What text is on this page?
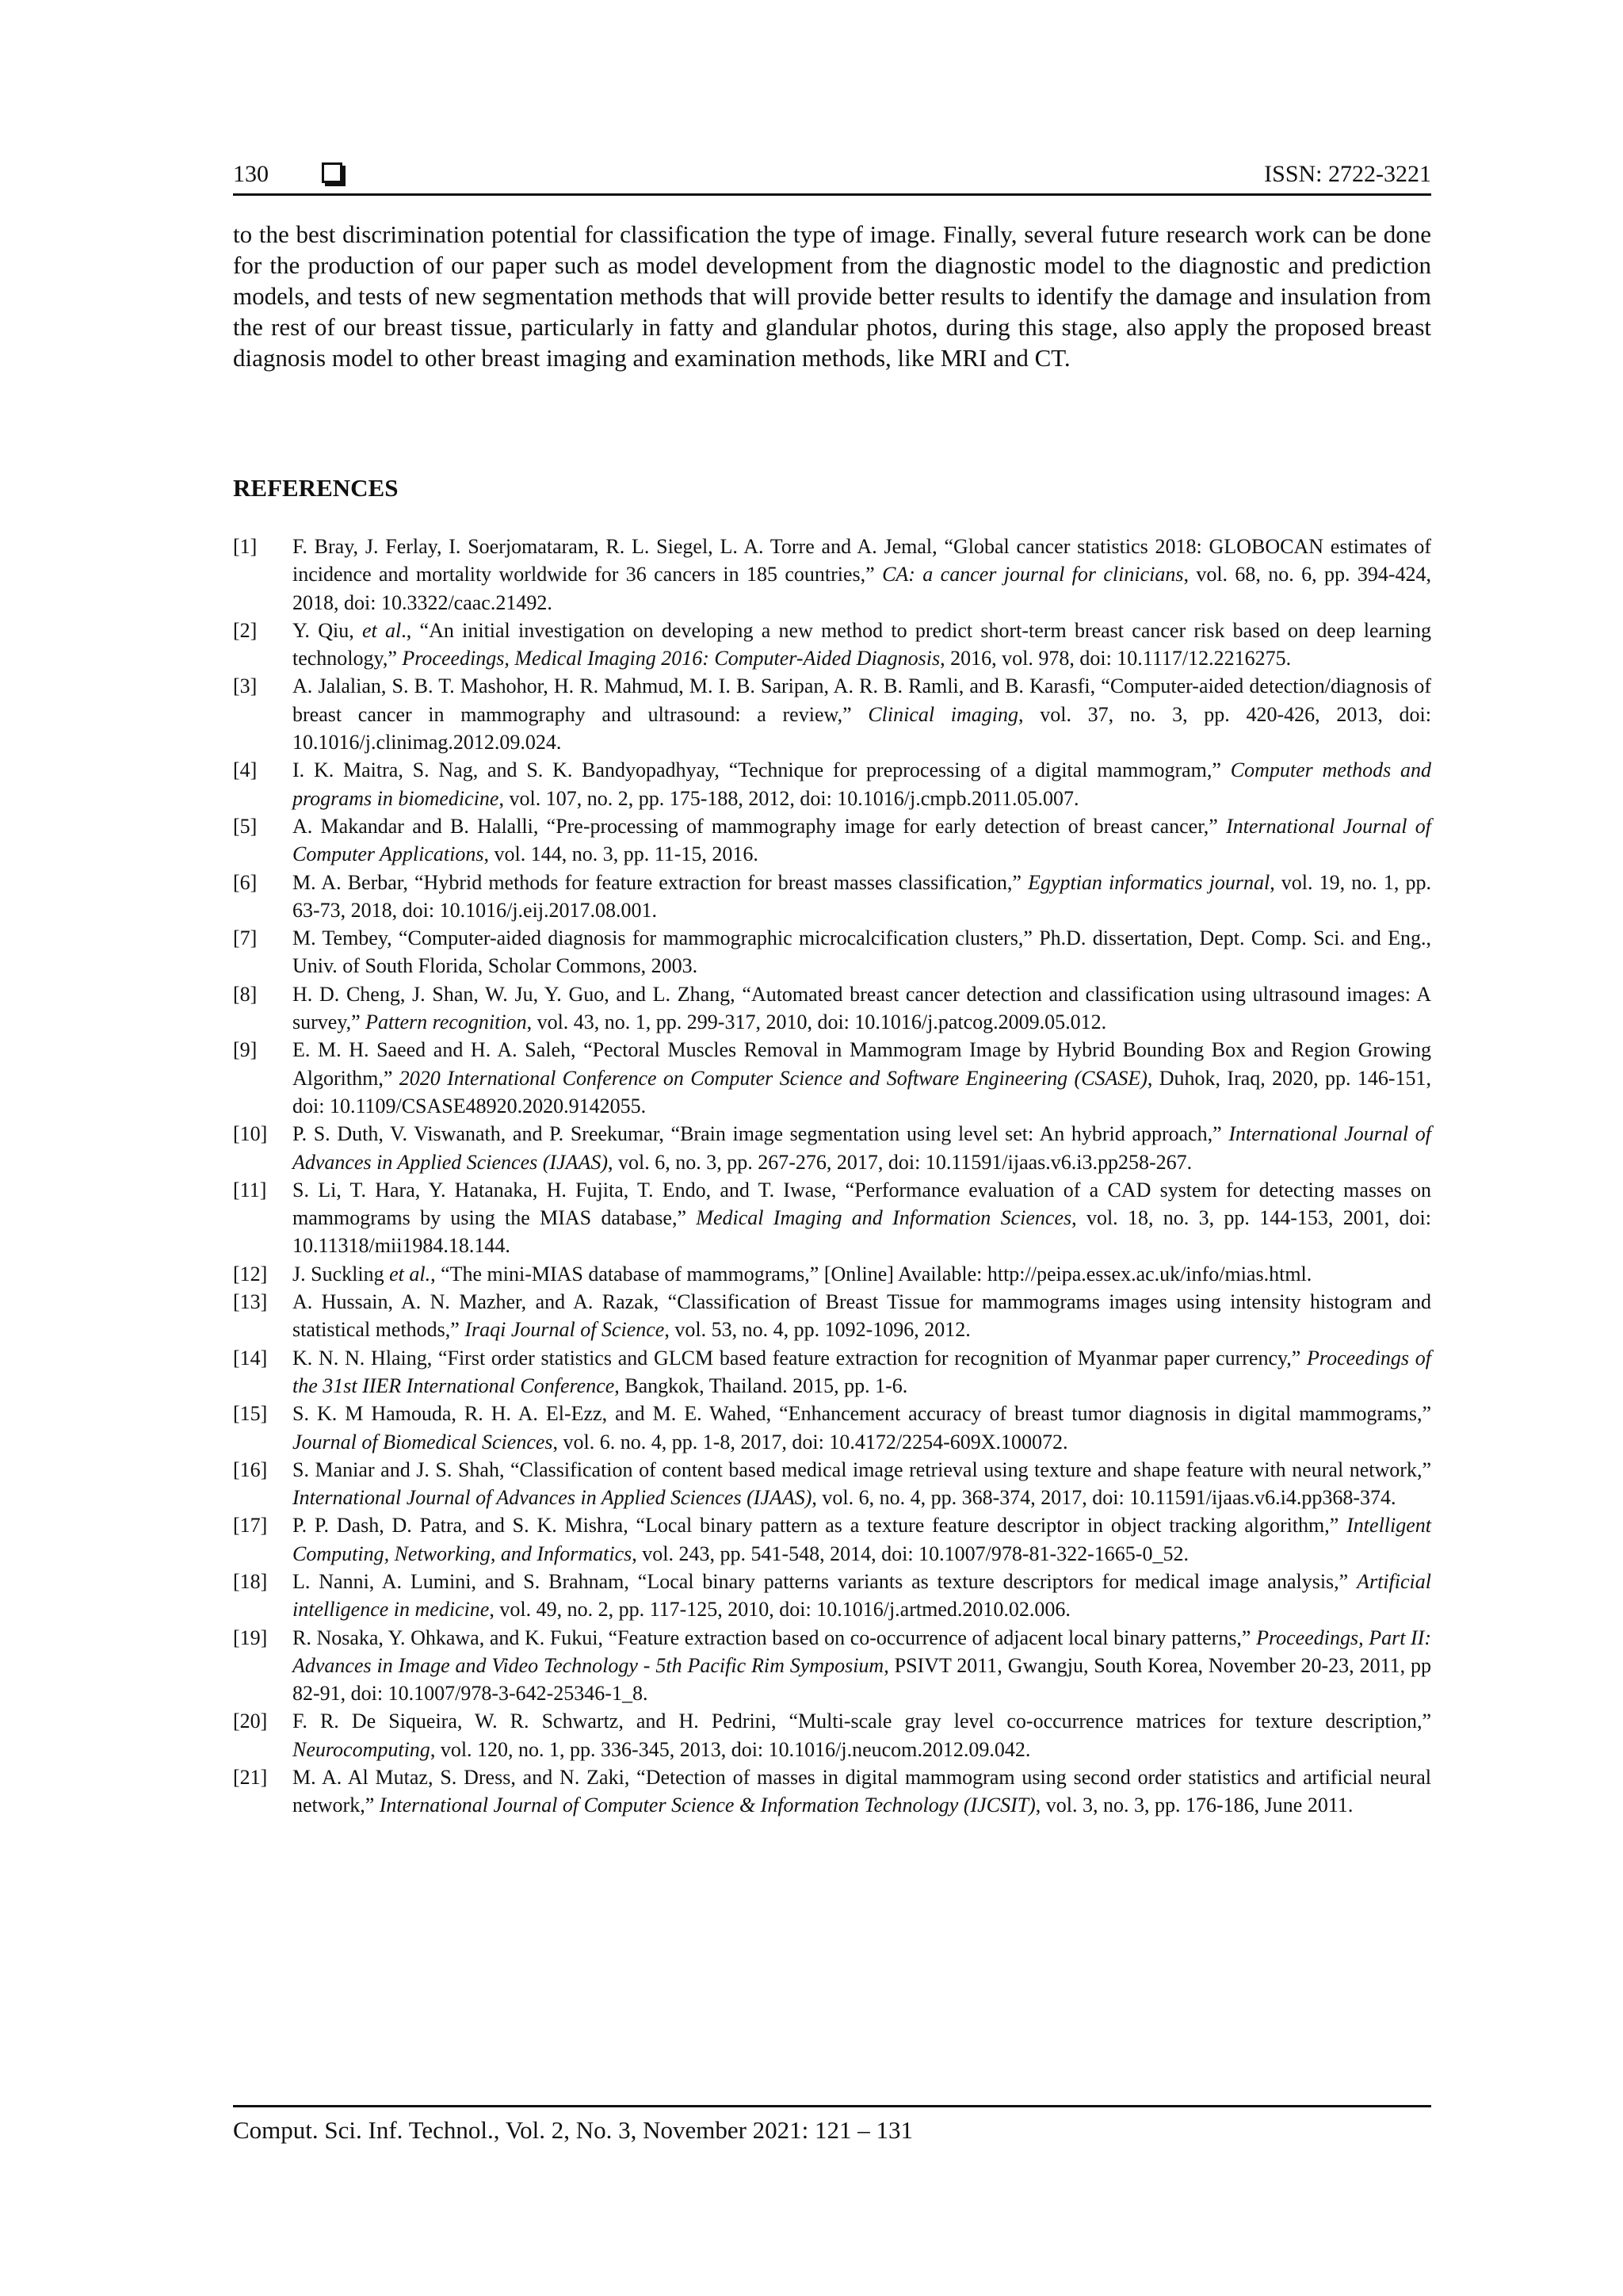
130	ISSN: 2722-3221

to the best discrimination potential for classification the type of image. Finally, several future research work can be done for the production of our paper such as model development from the diagnostic model to the diagnostic and prediction models, and tests of new segmentation methods that will provide better results to identify the damage and insulation from the rest of our breast tissue, particularly in fatty and glandular photos, during this stage, also apply the proposed breast diagnosis model to other breast imaging and examination methods, like MRI and CT.

REFERENCES
[1] F. Bray, J. Ferlay, I. Soerjomataram, R. L. Siegel, L. A. Torre and A. Jemal, “Global cancer statistics 2018: GLOBOCAN estimates of incidence and mortality worldwide for 36 cancers in 185 countries,” CA: a cancer journal for clinicians, vol. 68, no. 6, pp. 394-424, 2018, doi: 10.3322/caac.21492.
[2] Y. Qiu, et al., “An initial investigation on developing a new method to predict short-term breast cancer risk based on deep learning technology,” Proceedings, Medical Imaging 2016: Computer-Aided Diagnosis, 2016, vol. 978, doi: 10.1117/12.2216275.
[3] A. Jalalian, S. B. T. Mashohor, H. R. Mahmud, M. I. B. Saripan, A. R. B. Ramli, and B. Karasfi, “Computer-aided detection/diagnosis of breast cancer in mammography and ultrasound: a review,” Clinical imaging, vol. 37, no. 3, pp. 420-426, 2013, doi: 10.1016/j.clinimag.2012.09.024.
[4] I. K. Maitra, S. Nag, and S. K. Bandyopadhyay, “Technique for preprocessing of a digital mammogram,” Computer methods and programs in biomedicine, vol. 107, no. 2, pp. 175-188, 2012, doi: 10.1016/j.cmpb.2011.05.007.
[5] A. Makandar and B. Halalli, “Pre-processing of mammography image for early detection of breast cancer,” International Journal of Computer Applications, vol. 144, no. 3, pp. 11-15, 2016.
[6] M. A. Berbar, “Hybrid methods for feature extraction for breast masses classification,” Egyptian informatics journal, vol. 19, no. 1, pp. 63-73, 2018, doi: 10.1016/j.eij.2017.08.001.
[7] M. Tembey, “Computer-aided diagnosis for mammographic microcalcification clusters,” Ph.D. dissertation, Dept. Comp. Sci. and Eng., Univ. of South Florida, Scholar Commons, 2003.
[8] H. D. Cheng, J. Shan, W. Ju, Y. Guo, and L. Zhang, “Automated breast cancer detection and classification using ultrasound images: A survey,” Pattern recognition, vol. 43, no. 1, pp. 299-317, 2010, doi: 10.1016/j.patcog.2009.05.012.
[9] E. M. H. Saeed and H. A. Saleh, “Pectoral Muscles Removal in Mammogram Image by Hybrid Bounding Box and Region Growing Algorithm,” 2020 International Conference on Computer Science and Software Engineering (CSASE), Duhok, Iraq, 2020, pp. 146-151, doi: 10.1109/CSASE48920.2020.9142055.
[10] P. S. Duth, V. Viswanath, and P. Sreekumar, “Brain image segmentation using level set: An hybrid approach,” International Journal of Advances in Applied Sciences (IJAAS), vol. 6, no. 3, pp. 267-276, 2017, doi: 10.11591/ijaas.v6.i3.pp258-267.
[11] S. Li, T. Hara, Y. Hatanaka, H. Fujita, T. Endo, and T. Iwase, “Performance evaluation of a CAD system for detecting masses on mammograms by using the MIAS database,” Medical Imaging and Information Sciences, vol. 18, no. 3, pp. 144-153, 2001, doi: 10.11318/mii1984.18.144.
[12] J. Suckling et al., “The mini-MIAS database of mammograms,” [Online] Available: http://peipa.essex.ac.uk/info/mias.html.
[13] A. Hussain, A. N. Mazher, and A. Razak, “Classification of Breast Tissue for mammograms images using intensity histogram and statistical methods,” Iraqi Journal of Science, vol. 53, no. 4, pp. 1092-1096, 2012.
[14] K. N. N. Hlaing, “First order statistics and GLCM based feature extraction for recognition of Myanmar paper currency,” Proceedings of the 31st IIER International Conference, Bangkok, Thailand. 2015, pp. 1-6.
[15] S. K. M Hamouda, R. H. A. El-Ezz, and M. E. Wahed, “Enhancement accuracy of breast tumor diagnosis in digital mammograms,” Journal of Biomedical Sciences, vol. 6. no. 4, pp. 1-8, 2017, doi: 10.4172/2254-609X.100072.
[16] S. Maniar and J. S. Shah, “Classification of content based medical image retrieval using texture and shape feature with neural network,” International Journal of Advances in Applied Sciences (IJAAS), vol. 6, no. 4, pp. 368-374, 2017, doi: 10.11591/ijaas.v6.i4.pp368-374.
[17] P. P. Dash, D. Patra, and S. K. Mishra, “Local binary pattern as a texture feature descriptor in object tracking algorithm,” Intelligent Computing, Networking, and Informatics, vol. 243, pp. 541-548, 2014, doi: 10.1007/978-81-322-1665-0_52.
[18] L. Nanni, A. Lumini, and S. Brahnam, “Local binary patterns variants as texture descriptors for medical image analysis,” Artificial intelligence in medicine, vol. 49, no. 2, pp. 117-125, 2010, doi: 10.1016/j.artmed.2010.02.006.
[19] R. Nosaka, Y. Ohkawa, and K. Fukui, “Feature extraction based on co-occurrence of adjacent local binary patterns,” Proceedings, Part II: Advances in Image and Video Technology - 5th Pacific Rim Symposium, PSIVT 2011, Gwangju, South Korea, November 20-23, 2011, pp 82-91, doi: 10.1007/978-3-642-25346-1_8.
[20] F. R. De Siqueira, W. R. Schwartz, and H. Pedrini, “Multi-scale gray level co-occurrence matrices for texture description,” Neurocomputing, vol. 120, no. 1, pp. 336-345, 2013, doi: 10.1016/j.neucom.2012.09.042.
[21] M. A. Al Mutaz, S. Dress, and N. Zaki, “Detection of masses in digital mammogram using second order statistics and artificial neural network,” International Journal of Computer Science & Information Technology (IJCSIT), vol. 3, no. 3, pp. 176-186, June 2011.
Comput. Sci. Inf. Technol., Vol. 2, No. 3, November 2021: 121 – 131
